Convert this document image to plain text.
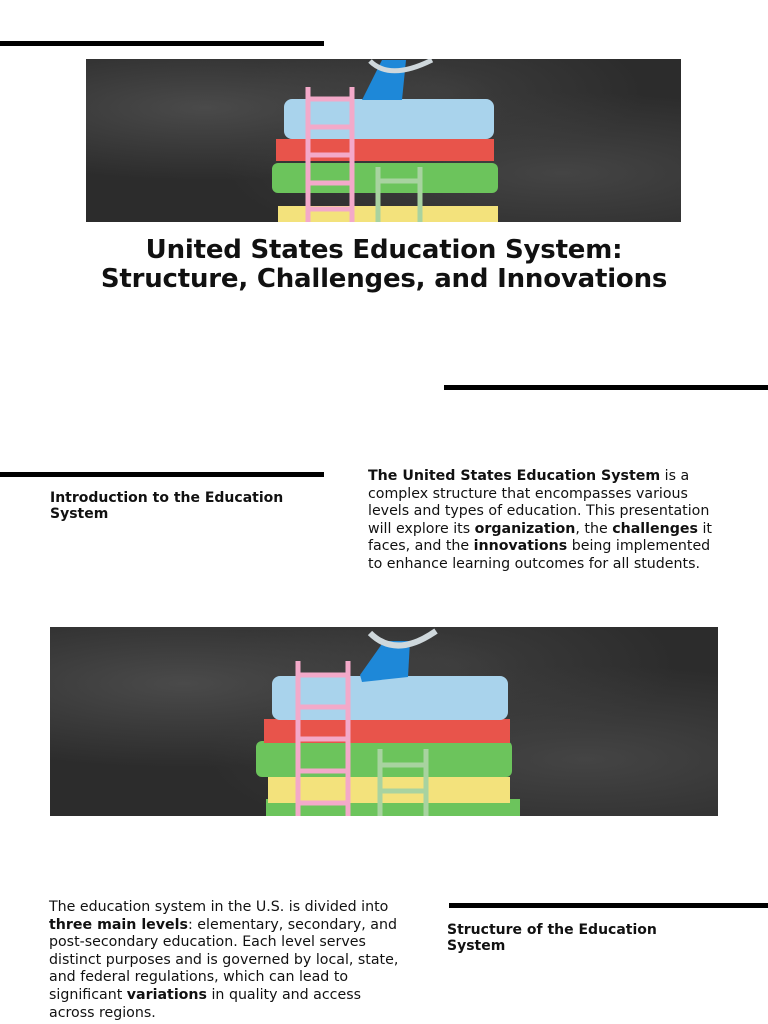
United States Education System: Structure, Challenges, and Innovations
Introduction to the Education System

The United States Education System is a complex structure that encompasses various levels and types of education. This presentation will explore its organization, the challenges it faces, and the innovations being implemented to enhance learning outcomes for all students.

The education system in the U.S. is divided into three main levels: elementary, secondary, and post-secondary education. Each level serves distinct purposes and is governed by local, state, and federal regulations, which can lead to significant variations in quality and access across regions.

Structure of the Education System
